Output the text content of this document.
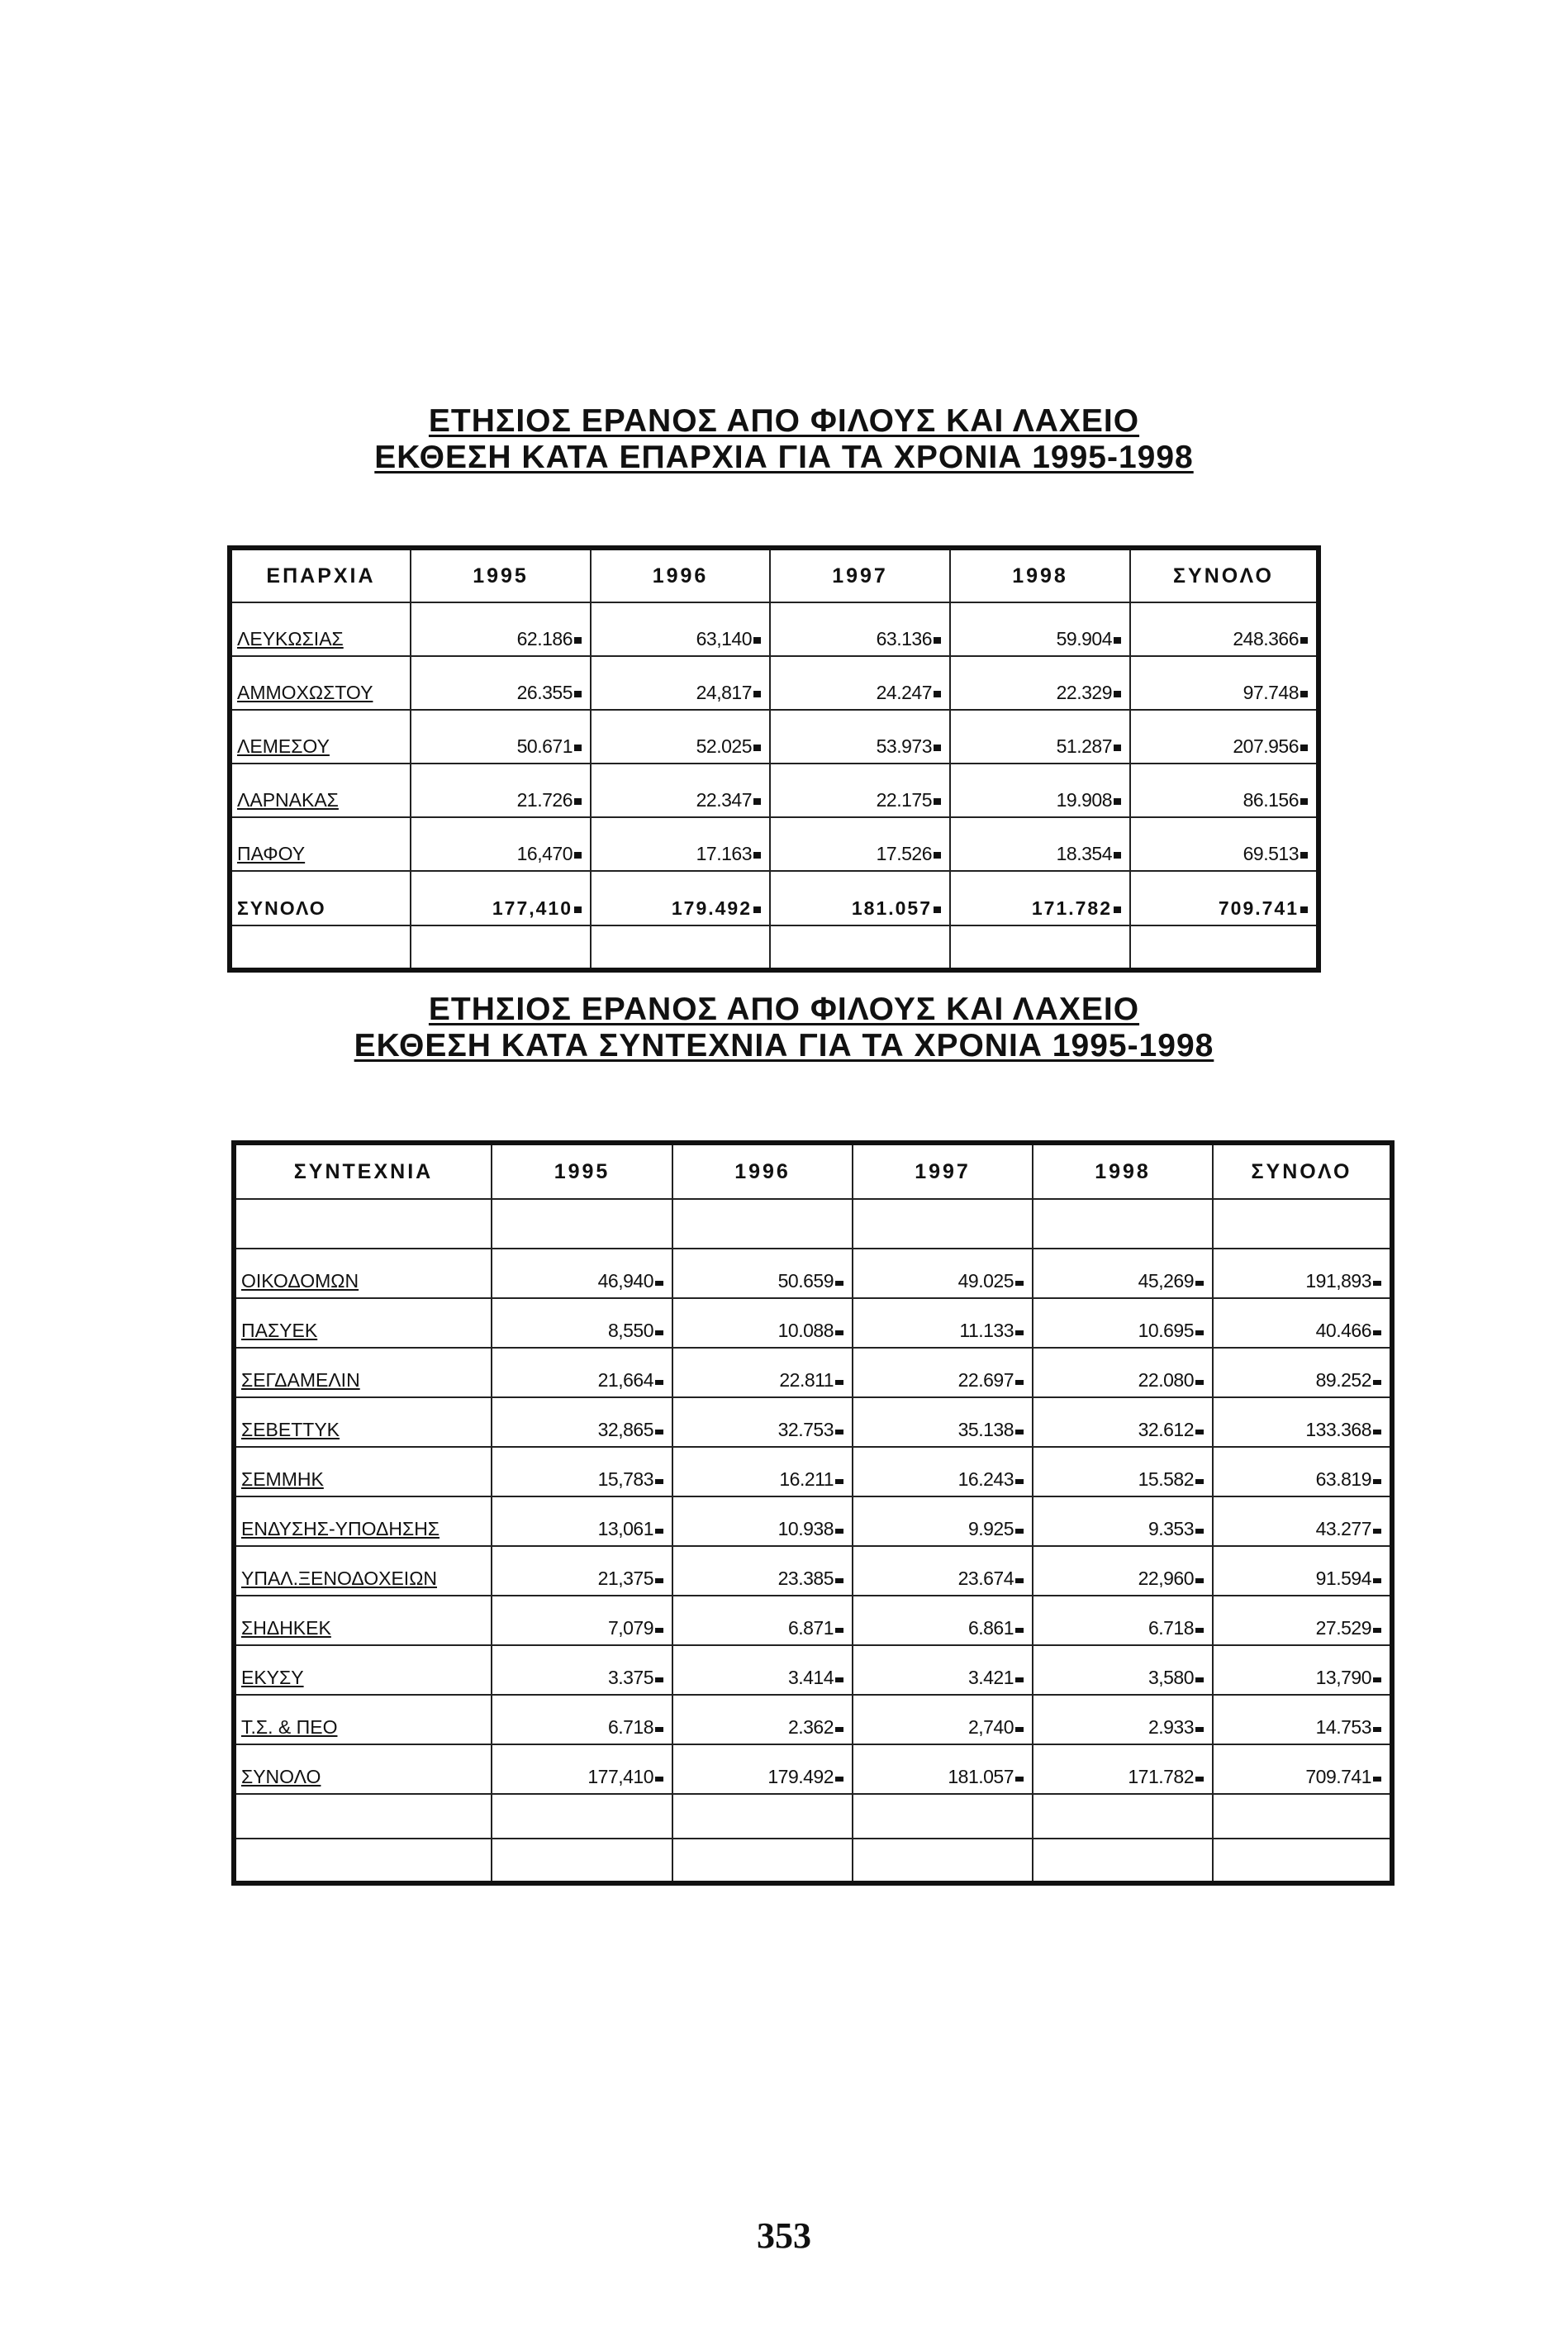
ΕΤΗΣΙΟΣ ΕΡΑΝΟΣ ΑΠΟ ΦΙΛΟΥΣ ΚΑΙ ΛΑΧΕΙΟ
ΕΚΘΕΣΗ ΚΑΤΑ ΕΠΑΡΧΙΑ ΓΙΑ ΤΑ ΧΡΟΝΙΑ 1995-1998
ΕΠΑΡΧΙΑ	1995	1996	1997	1998	ΣΥΝΟΛΟ
ΛΕΥΚΩΣΙΑΣ	62.186	63,140	63.136	59.904	248.366
ΑΜΜΟΧΩΣΤΟΥ	26.355	24,817	24.247	22.329	97.748
ΛΕΜΕΣΟΥ	50.671	52.025	53.973	51.287	207.956
ΛΑΡΝΑΚΑΣ	21.726	22.347	22.175	19.908	86.156
ΠΑΦΟΥ	16,470	17.163	17.526	18.354	69.513
ΣΥΝΟΛΟ	177,410	179.492	181.057	171.782	709.741

ΕΤΗΣΙΟΣ ΕΡΑΝΟΣ ΑΠΟ ΦΙΛΟΥΣ ΚΑΙ ΛΑΧΕΙΟ
ΕΚΘΕΣΗ ΚΑΤΑ ΣΥΝΤΕΧΝΙΑ ΓΙΑ ΤΑ ΧΡΟΝΙΑ 1995-1998
ΣΥΝΤΕΧΝΙΑ	1995	1996	1997	1998	ΣΥΝΟΛΟ

ΟΙΚΟΔΟΜΩΝ	46,940	50.659	49.025	45,269	191,893
ΠΑΣΥΕΚ	8,550	10.088	11.133	10.695	40.466
ΣΕΓΔΑΜΕΛΙΝ	21,664	22.811	22.697	22.080	89.252
ΣΕΒΕΤΤΥΚ	32,865	32.753	35.138	32.612	133.368
ΣΕΜΜΗΚ	15,783	16.211	16.243	15.582	63.819
ΕΝΔΥΣΗΣ-ΥΠΟΔΗΣΗΣ	13,061	10.938	9.925	9.353	43.277
ΥΠΑΛ.ΞΕΝΟΔΟΧΕΙΩΝ	21,375	23.385	23.674	22,960	91.594
ΣΗΔΗΚΕΚ	7,079	6.871	6.861	6.718	27.529
ΕΚΥΣΥ	3.375	3.414	3.421	3,580	13,790
Τ.Σ. & ΠΕΟ	6.718	2.362	2,740	2.933	14.753
ΣΥΝΟΛΟ	177,410	179.492	181.057	171.782	709.741

353
